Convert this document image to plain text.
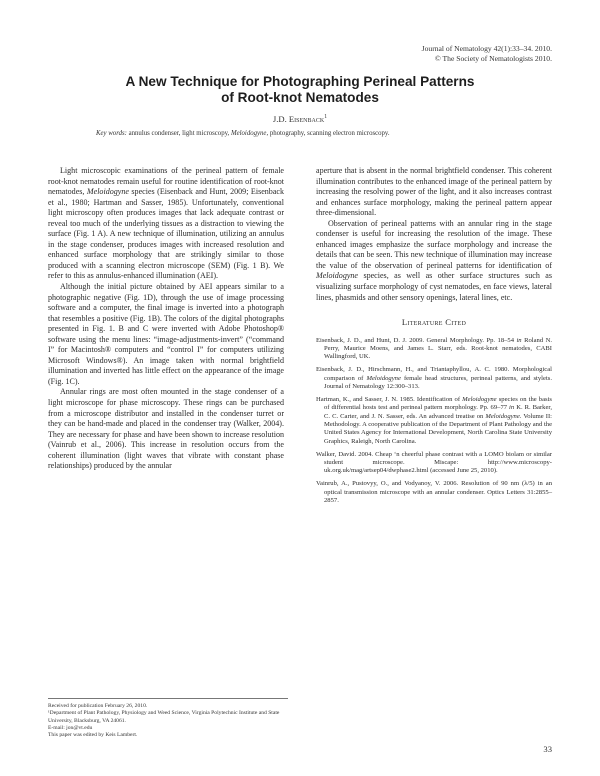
Journal of Nematology 42(1):33–34. 2010.
© The Society of Nematologists 2010.
A New Technique for Photographing Perineal Patterns
of Root-knot Nematodes
J.D. Eisenback$^1$
Key words: annulus condenser, light microscopy, Meloidogyne, photography, scanning electron microscopy.

Light microscopic examinations of the perineal pattern of female root-knot nematodes remain useful for routine identification of root-knot nematodes, Meloidogyne species (Eisenback and Hunt, 2009; Eisenback et al., 1980; Hartman and Sasser, 1985). Unfortunately, conventional light microscopy often produces images that lack adequate contrast or reveal too much of the underlying tissues as a distraction to viewing the surface (Fig. 1 A). A new technique of illumination, utilizing an annulus in the stage condenser, produces images with increased resolution and enhanced surface morphology that are strikingly similar to those produced with a scanning electron microscope (SEM) (Fig. 1 B). We refer to this as annulus-enhanced illumination (AEI).

Although the initial picture obtained by AEI appears similar to a photographic negative (Fig. 1D), through the use of image processing software and a computer, the final image is inverted into a photograph that resembles a positive (Fig. 1B). The colors of the digital photographs presented in Fig. 1. B and C were inverted with Adobe Photoshop® software using the menu lines: “image-adjustments-invert” (“command I” for Macintosh® computers and “control I” for computers utilizing Microsoft Windows®). An image taken with normal brightfield illumination and inverted has little effect on the appearance of the image (Fig. 1C).

Annular rings are most often mounted in the stage condenser of a light microscope for phase microscopy. These rings can be purchased from a microscope distributor and installed in the condenser turret or they can be hand-made and placed in the condenser tray (Walker, 2004). They are necessary for phase and have been shown to increase resolution (Vainrub et al., 2006). This increase in resolution occurs from the coherent illumination (light waves that vibrate with constant phase relationships) produced by the annular

aperture that is absent in the normal brightfield condenser. This coherent illumination contributes to the enhanced image of the perineal pattern by increasing the resolving power of the light, and it also increases contrast and enhances surface morphology, making the perineal pattern appear three-dimensional.

Observation of perineal patterns with an annular ring in the stage condenser is useful for increasing the resolution of the image. These enhanced images emphasize the surface morphology and increase the details that can be seen. This new technique of illumination may increase the value of the observation of perineal patterns for identification of Meloidogyne species, as well as other surface structures such as visualizing surface morphology of cyst nematodes, en face views, lateral lines, phasmids and other sensory openings, lateral lines, etc.

Literature Cited
Eisenback, J. D., and Hunt, D. J. 2009. General Morphology. Pp. 18–54 in Roland N. Perry, Maurice Moens, and James L. Starr, eds. Root-knot nematodes, CABI Wallingford, UK.
Eisenback, J. D., Hirschmann, H., and Triantaphyllou, A. C. 1980. Morphological comparison of Meloidogyne female head structures, perineal patterns, and stylets. Journal of Nematology 12:300–313.
Hartman, K., and Sasser, J. N. 1985. Identification of Meloidogyne species on the basis of differential hosts test and perineal pattern morphology. Pp. 69–77 in K. R. Barker, C. C. Carter, and J. N. Sasser, eds. An advanced treatise on Meloidogyne. Volume II: Methodology. A cooperative publication of the Department of Plant Pathology and the United States Agency for International Development, North Carolina State University Graphics, Raleigh, North Carolina.
Walker, David. 2004. Cheap ‘n cheerful phase contrast with a LOMO biolam or similar student microscope. Miscape: http://www.microscopy-uk.org.uk/mag/artsep04/dwphase2.html (accessed June 25, 2010).
Vainrub, A., Pustovyy, O., and Vodyanoy, V. 2006. Resolution of 90 nm (λ/5) in an optical transmission microscope with an annular condenser. Optics Letters 31:2855–2857.
Received for publication February 26, 2010.
¹Department of Plant Pathology, Physiology and Weed Science, Virginia Polytechnic Institute and State University, Blacksburg, VA 24061.
E-mail: jon@vt.edu
This paper was edited by Keis Lambert.
33
